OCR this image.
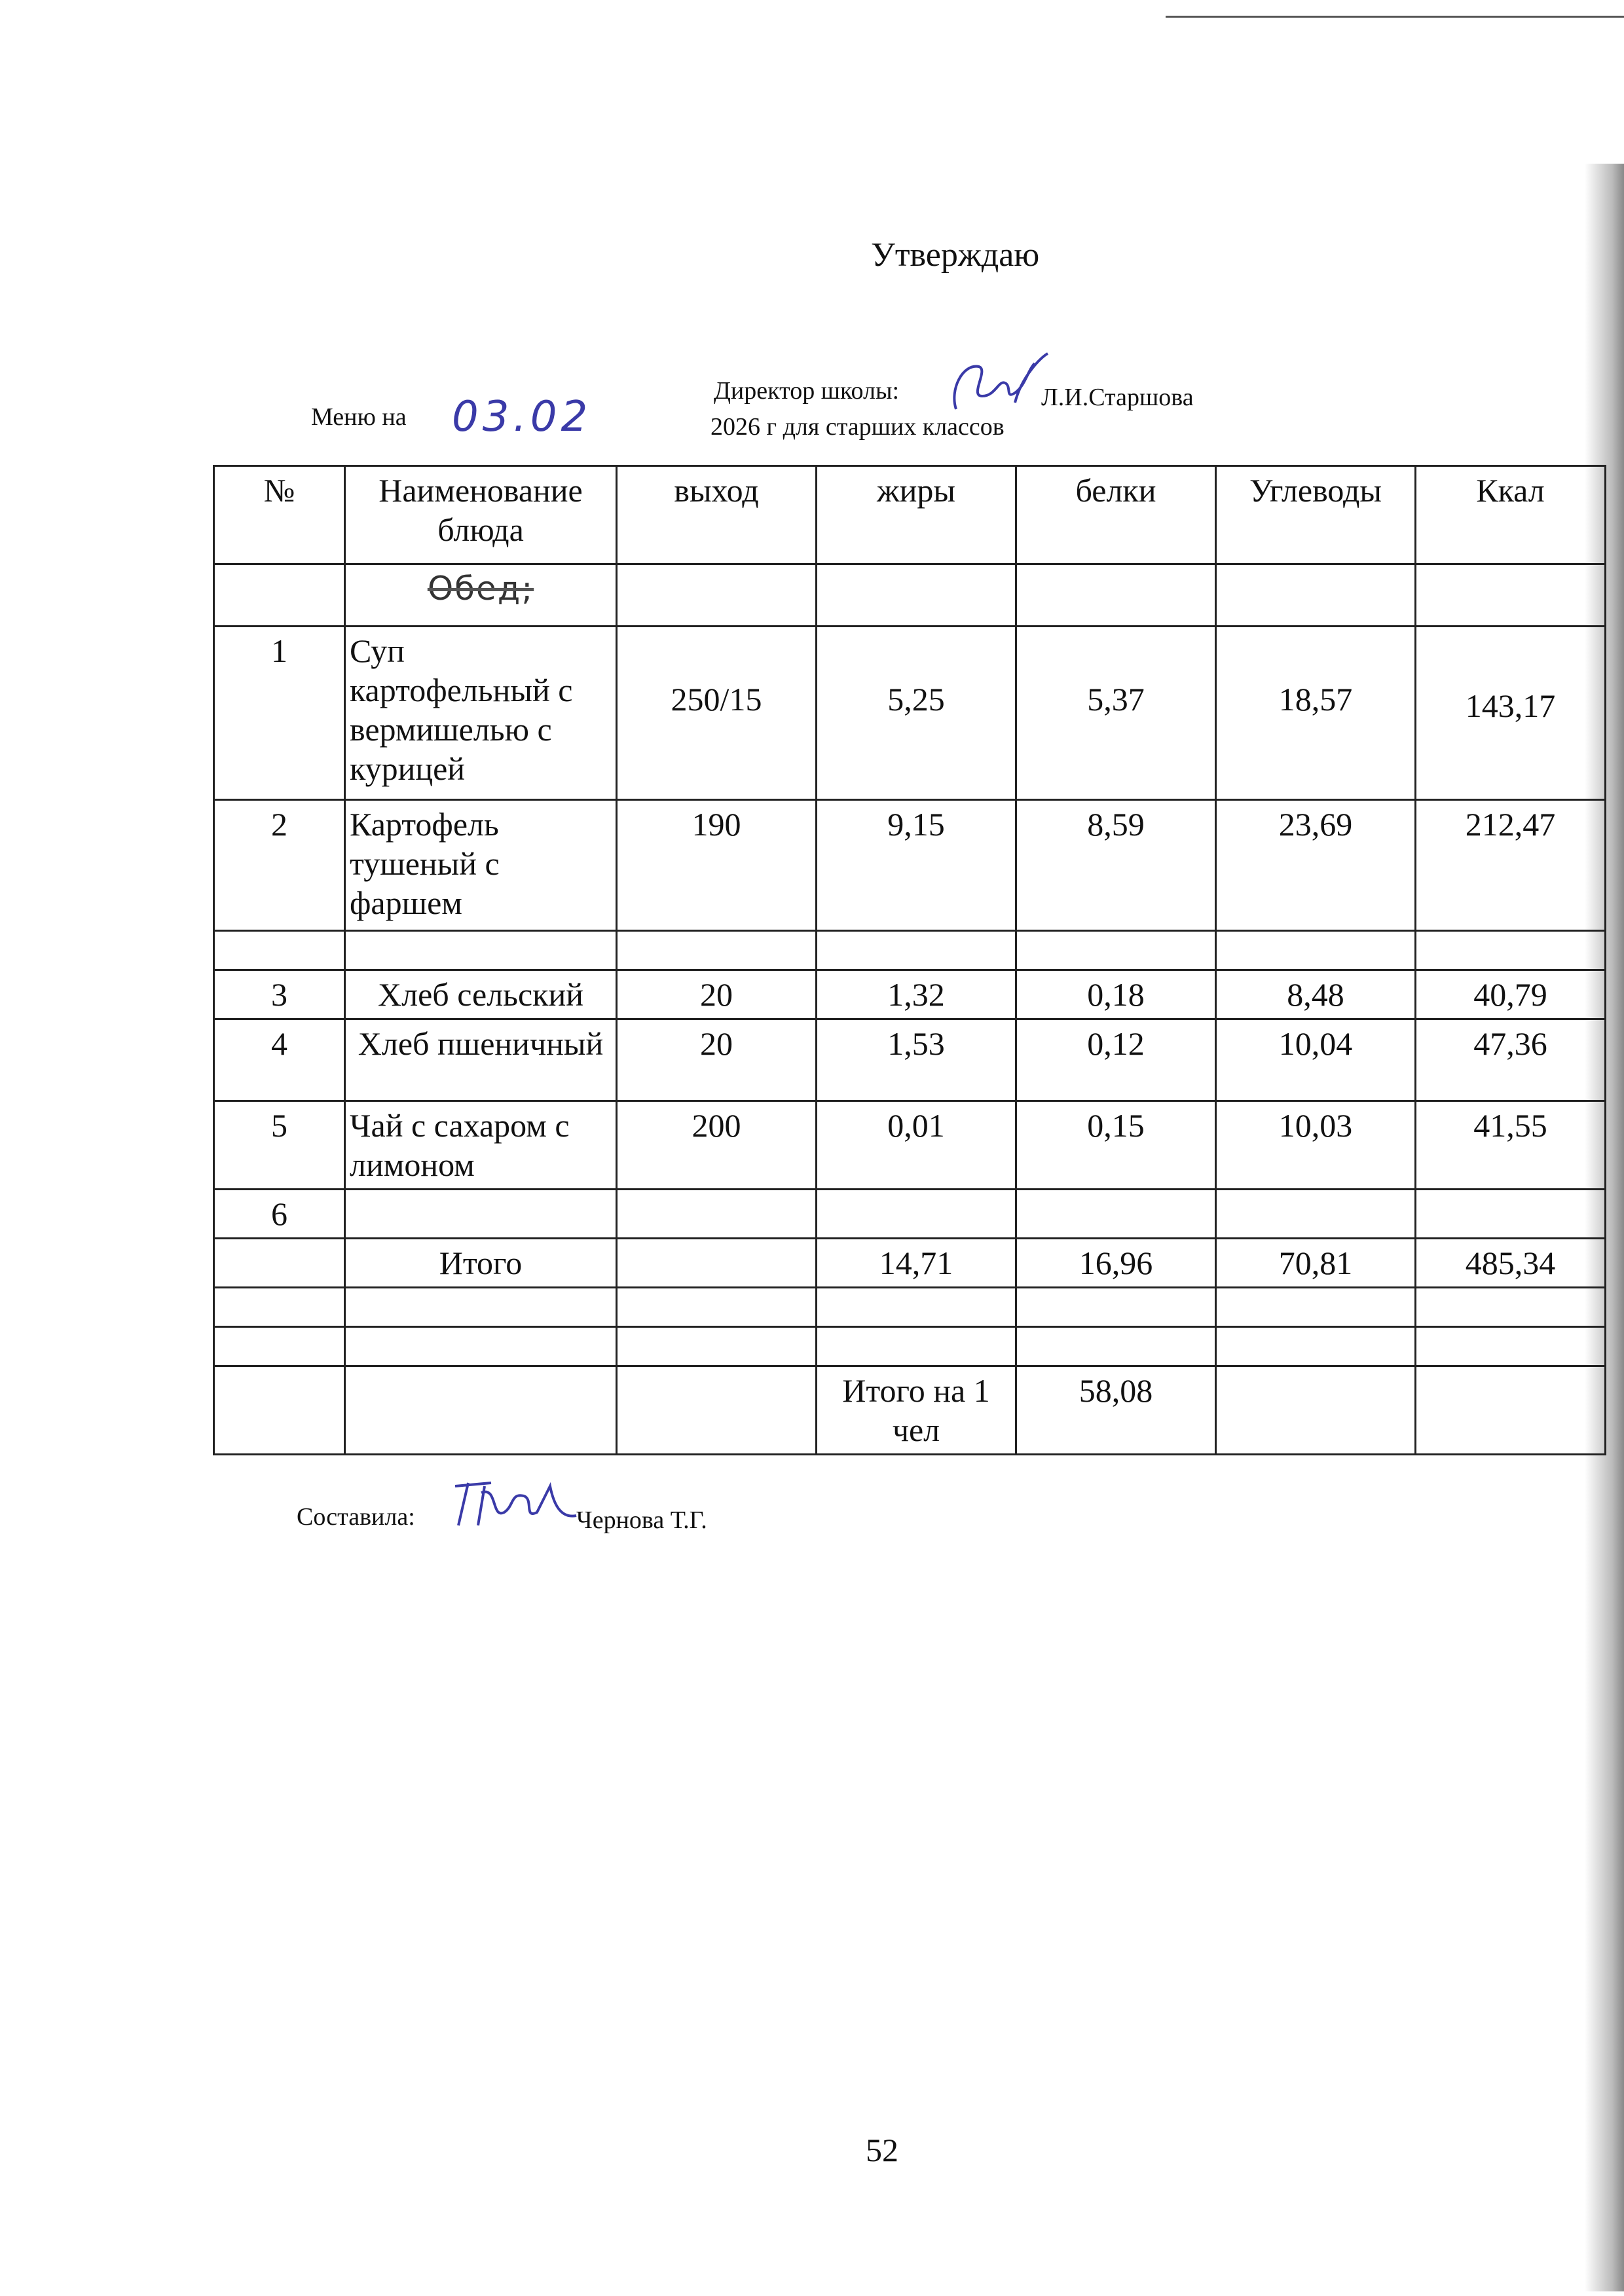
Утверждаю
Директор школы:	Л.И.Старшова
2026 г для старших классов
Меню на 03.02
№	Наименование блюда	выход	жиры	белки	Углеводы	Ккал
	Обед;					
1	Суп картофельный с вермишелью с курицей	250/15	5,25	5,37	18,57	143,17
2	Картофель тушеный с фаршем	190	9,15	8,59	23,69	212,47

3	Хлеб сельский	20	1,32	0,18	8,48	40,79
4	Хлеб пшеничный	20	1,53	0,12	10,04	47,36
5	Чай с сахаром с лимоном	200	0,01	0,15	10,03	41,55
6						
	Итого		14,71	16,96	70,81	485,34

			Итого на 1 чел	58,08		
Составила:	Чернова Т.Г.
52
